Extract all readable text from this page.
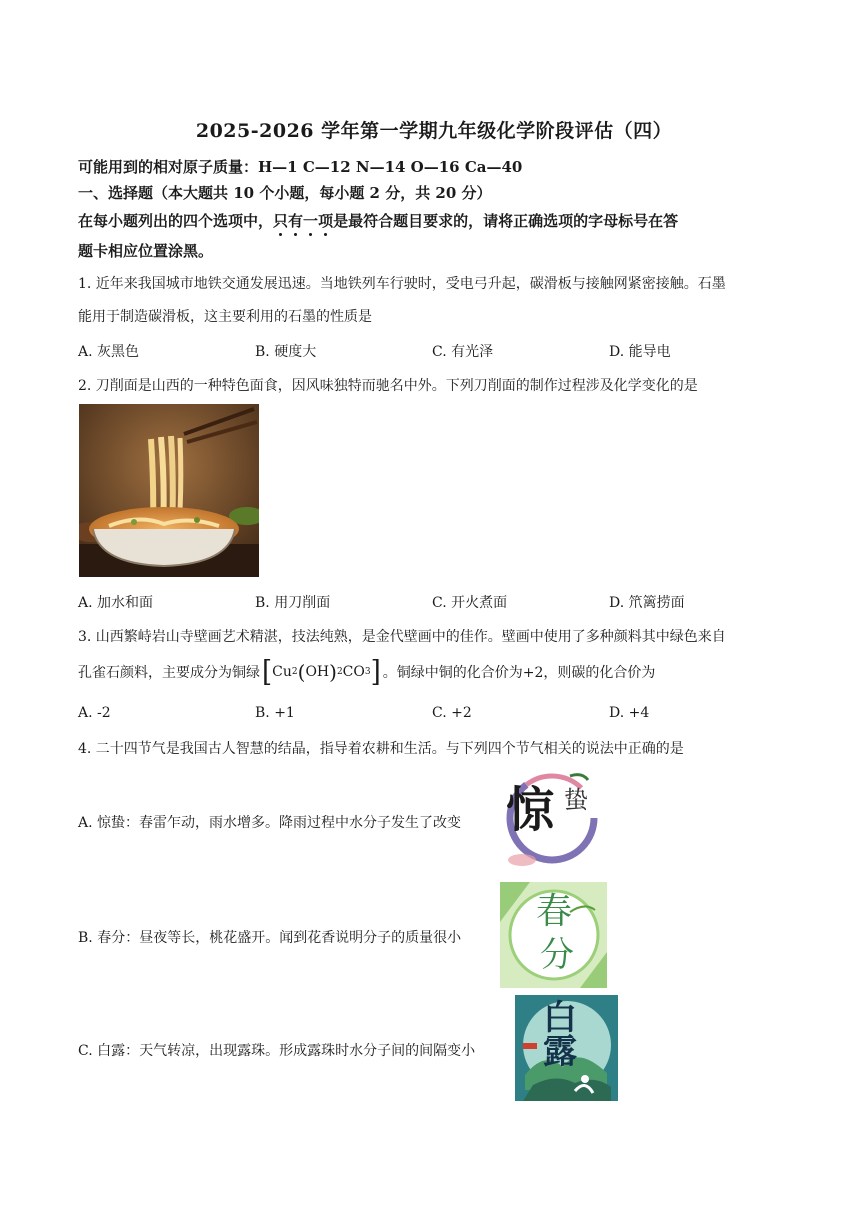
2025-2026 学年第一学期九年级化学阶段评估（四）
可能用到的相对原子质量：H—1 C—12 N—14 O—16 Ca—40
一、选择题（本大题共 10 个小题，每小题 2 分，共 20 分）
在每小题列出的四个选项中，只有一项是最符合题目要求的，请将正确选项的字母标号在答
题卡相应位置涂黑。
1. 近年来我国城市地铁交通发展迅速。当地铁列车行驶时，受电弓升起，碳滑板与接触网紧密接触。石墨
能用于制造碳滑板，这主要利用的石墨的性质是
A. 灰黑色	B. 硬度大	C. 有光泽	D. 能导电
2. 刀削面是山西的一种特色面食，因风味独特而驰名中外。下列刀削面的制作过程涉及化学变化的是
A. 加水和面	B. 用刀削面	C. 开火煮面	D. 笊篱捞面
3. 山西繁峙岩山寺壁画艺术精湛，技法纯熟，是金代壁画中的佳作。壁画中使用了多种颜料其中绿色来自
孔雀石颜料，主要成分为铜绿 [ Cu 2 ( OH ) 2 CO 3 ] 。铜绿中铜的化合价为+2，则碳的化合价为
A. -2	B. +1	C. +2	D. +4
4. 二十四节气是我国古人智慧的结晶，指导着农耕和生活。与下列四个节气相关的说法中正确的是
A. 惊蛰：春雷乍动，雨水增多。降雨过程中水分子发生了改变 惊 蛰
B. 春分：昼夜等长，桃花盛开。闻到花香说明分子的质量很小
春
分
C. 白露：天气转凉，出现露珠。形成露珠时水分子间的间隔变小
白
露
